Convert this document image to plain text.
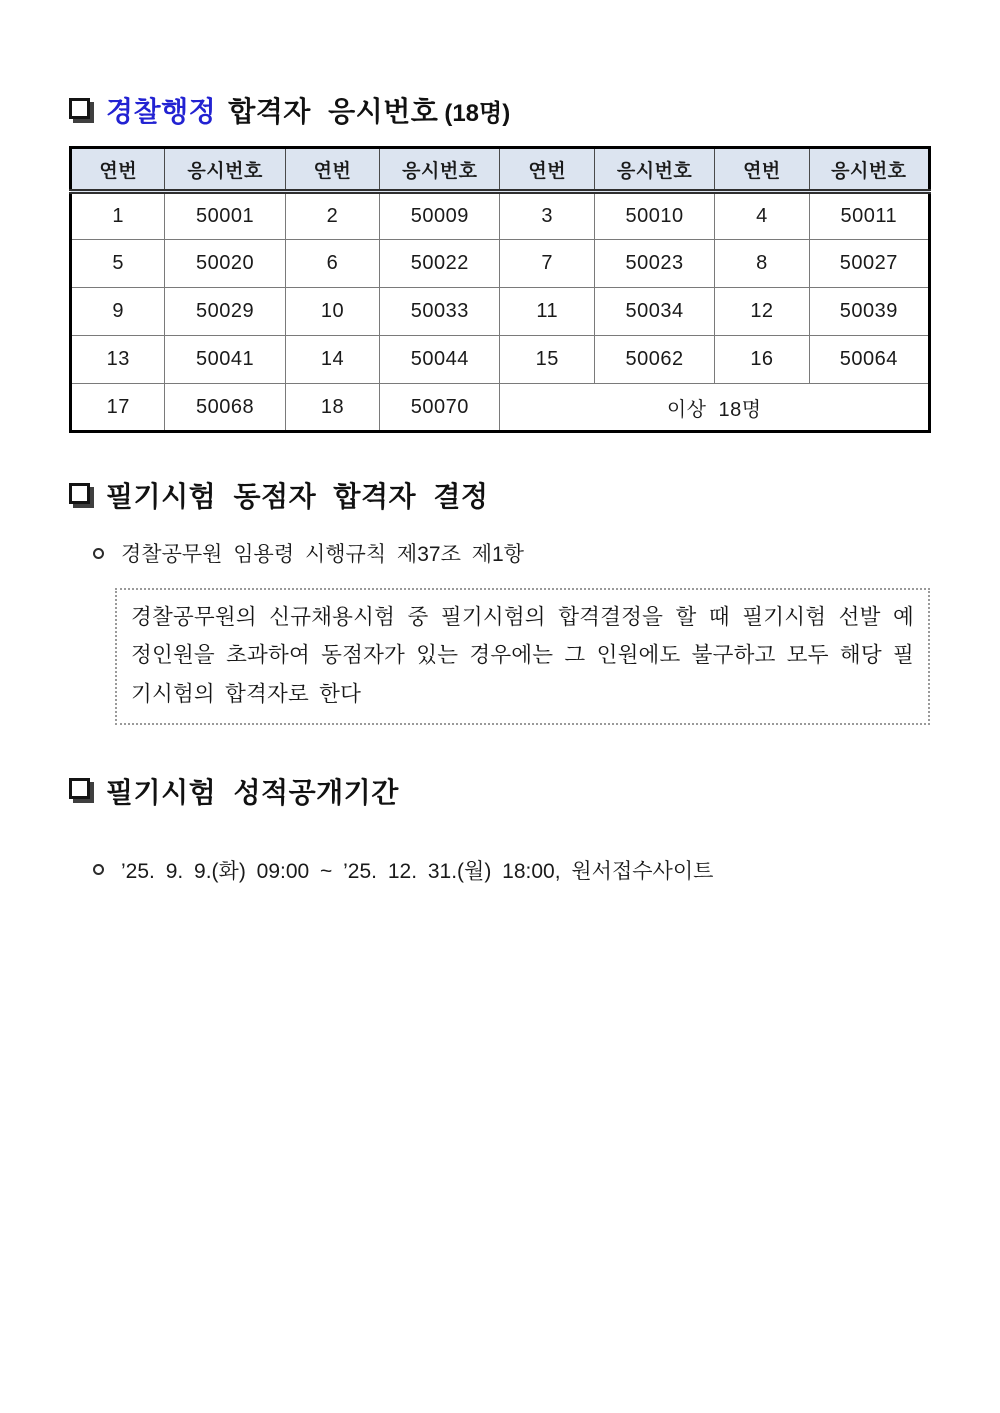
경찰행정 합격자 응시번호 (18명)
연번	응시번호	연번	응시번호	연번	응시번호	연번	응시번호
1	50001	2	50009	3	50010	4	50011
5	50020	6	50022	7	50023	8	50027
9	50029	10	50033	11	50034	12	50039
13	50041	14	50044	15	50062	16	50064
17	50068	18	50070	이상 18명			
필기시험 동점자 합격자 결정
경찰공무원 임용령 시행규칙 제37조 제1항

경찰공무원의 신규채용시험 중 필기시험의 합격결정을 할 때 필기시험 선발 예정인원을 초과하여 동점자가 있는 경우에는 그 인원에도 불구하고 모두 해당 필기시험의 합격자로 한다

필기시험 성적공개기간
’25. 9. 9.(화) 09:00 ~ ’25. 12. 31.(월) 18:00, 원서접수사이트
